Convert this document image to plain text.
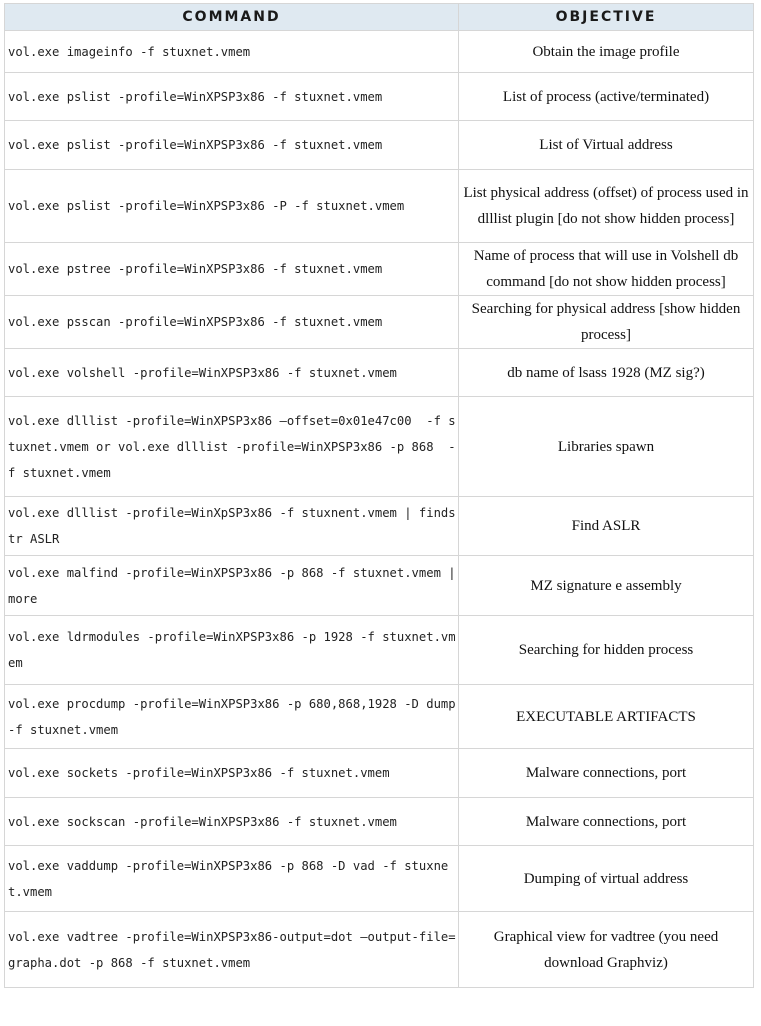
COMMAND	OBJECTIVE
vol.exe imageinfo -f stuxnet.vmem	Obtain the image profile
vol.exe pslist -profile=WinXPSP3x86 -f stuxnet.vmem	List of process (active/terminated)
vol.exe pslist -profile=WinXPSP3x86 -f stuxnet.vmem	List of Virtual address
vol.exe pslist -profile=WinXPSP3x86 -P -f stuxnet.vmem	List physical address (offset) of process used in dlllist plugin [do not show hidden process]
vol.exe pstree -profile=WinXPSP3x86 -f stuxnet.vmem	Name of process that will use in Volshell db command [do not show hidden process]
vol.exe psscan -profile=WinXPSP3x86 -f stuxnet.vmem	Searching for physical address [show hidden process]
vol.exe volshell -profile=WinXPSP3x86 -f stuxnet.vmem	db name of lsass 1928 (MZ sig?)
vol.exe dlllist -profile=WinXPSP3x86 –offset=0x01e47c00  -f stuxnet.vmem or vol.exe dlllist -profile=WinXPSP3x86 -p 868  -f stuxnet.vmem	Libraries spawn
vol.exe dlllist -profile=WinXpSP3x86 -f stuxnent.vmem | findstr ASLR	Find ASLR
vol.exe malfind -profile=WinXPSP3x86 -p 868 -f stuxnet.vmem | more	MZ signature e assembly
vol.exe ldrmodules -profile=WinXPSP3x86 -p 1928 -f stuxnet.vmem	Searching for hidden process
vol.exe procdump -profile=WinXPSP3x86 -p 680,868,1928 -D dump -f stuxnet.vmem	EXECUTABLE ARTIFACTS
vol.exe sockets -profile=WinXPSP3x86 -f stuxnet.vmem	Malware connections, port
vol.exe sockscan -profile=WinXPSP3x86 -f stuxnet.vmem	Malware connections, port
vol.exe vaddump -profile=WinXPSP3x86 -p 868 -D vad -f stuxnet.vmem	Dumping of virtual address
vol.exe vadtree -profile=WinXPSP3x86-output=dot –output-file=grapha.dot -p 868 -f stuxnet.vmem	Graphical view for vadtree (you need download Graphviz)
